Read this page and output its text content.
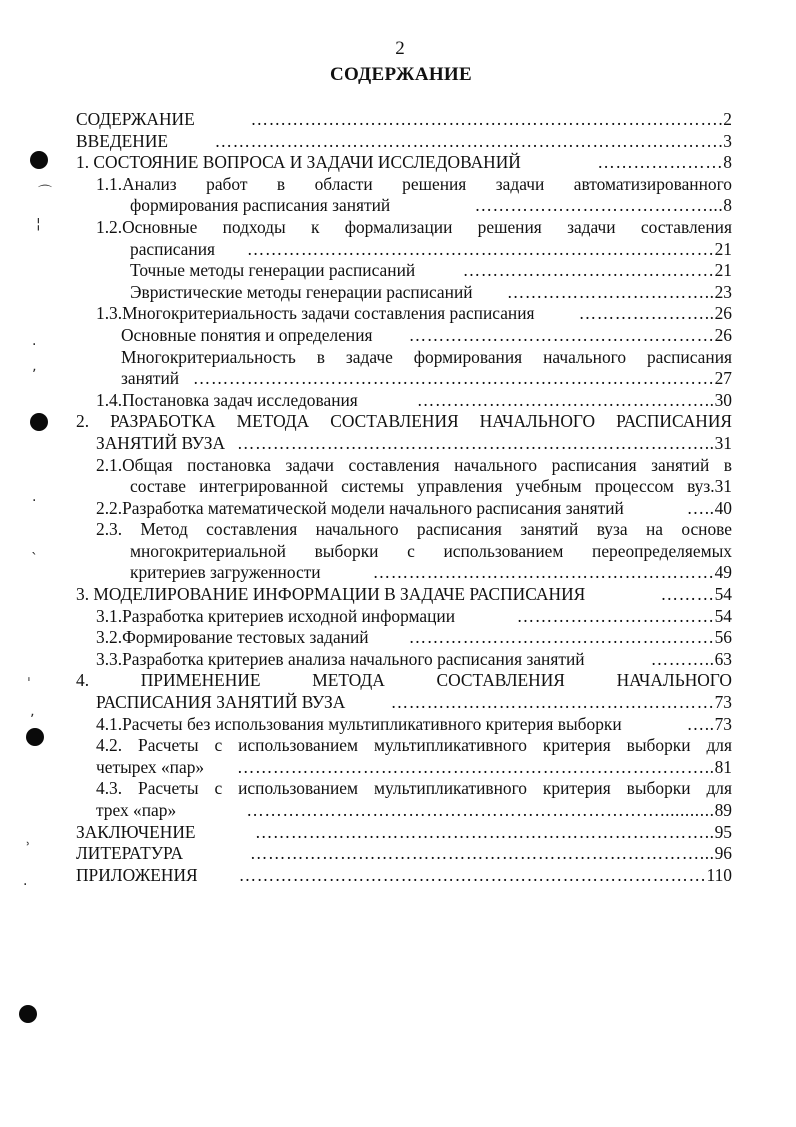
2
СОДЕРЖАНИЕ
⌒
¦
·
ʼ
·
ˎ
ˈ
ʼ
˒
·
СОДЕРЖАНИЕ	…………………………………………………………………….2
ВВЕДЕНИЕ	………………………………………………………………………….3
1. СОСТОЯНИЕ ВОПРОСА И ЗАДАЧИ ИССЛЕДОВАНИЙ	…………………8
1.1.Анализ работ в области решения задачи автоматизированного
формирования расписания занятий	…………………………………...8
1.2.Основные подходы к формализации решения задачи составления
расписания ……………………………………………………………………21
Точные методы генерации расписаний	……………………………………21
Эвристические методы генерации расписаний ……………………………..23
1.3.Многокритериальность задачи составления расписания	…………………..26
Основные понятия и определения ……………………………………………26
Многокритериальность в задаче формирования начального расписания
занятий ……………………………………………………………………………27
1.4.Постановка задач исследования	…………………………………………..30
2. РАЗРАБОТКА МЕТОДА СОСТАВЛЕНИЯ НАЧАЛЬНОГО РАСПИСАНИЯ
ЗАНЯТИЙ ВУЗА ……………………………………………………………………..31
2.1.Общая постановка задачи составления начального расписания занятий в
составе интегрированной системы управления учебным процессом вуз.31
2.2.Разработка математической модели начального расписания занятий	…..40
2.3. Метод составления начального расписания занятий вуза на основе
многокритериальной выборки с использованием переопределяемых
критериев загруженности	…………………………………………………49
3. МОДЕЛИРОВАНИЕ ИНФОРМАЦИИ В ЗАДАЧЕ РАСПИСАНИЯ	………54
3.1.Разработка критериев исходной информации	……………………………54
3.2.Формирование тестовых заданий ……………………………………………56
3.3.Разработка критериев анализа начального расписания занятий	………..63
4. ПРИМЕНЕНИЕ МЕТОДА СОСТАВЛЕНИЯ НАЧАЛЬНОГО
РАСПИСАНИЯ ЗАНЯТИЙ ВУЗА	………………………………………………73
4.1.Расчеты без использования мультипликативного критерия выборки	…..73
4.2. Расчеты с использованием мультипликативного критерия выборки для
четырех «пар» ……………………………………………………………………..81
4.3. Расчеты с использованием мультипликативного критерия выборки для
трех «пар»	……………………………………………………………...........89
ЗАКЛЮЧЕНИЕ	…………………………………………………………………..95
ЛИТЕРАТУРА	…………………………………………………………………...96
ПРИЛОЖЕНИЯ ……………………………………………………………………110
